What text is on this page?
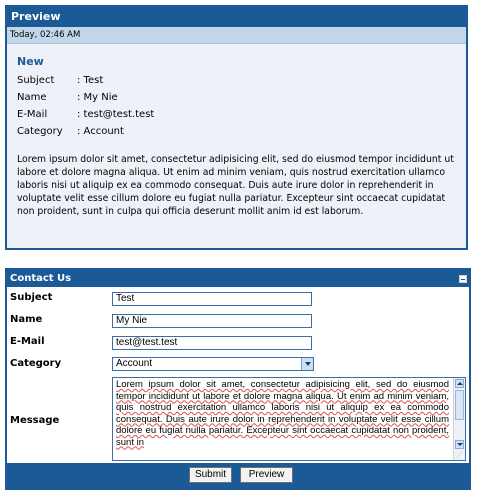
Preview
Today, 02:46 AM
New
Subject : Test
Name	: My Nie
E-Mail	: test@test.test
Category : Account
Lorem ipsum dolor sit amet, consectetur adipisicing elit, sed do eiusmod tempor incididunt ut labore et dolore magna aliqua. Ut enim ad minim veniam, quis nostrud exercitation ullamco laboris nisi ut aliquip ex ea commodo consequat. Duis aute irure dolor in reprehenderit in voluptate velit esse cillum dolore eu fugiat nulla pariatur. Excepteur sint occaecat cupidatat non proident, sunt in culpa qui officia deserunt mollit anim id est laborum.
Contact Us
Subject	Test
Name	My Nie
E-Mail	test@test.test
Category	Account
Message
Lorem ipsum dolor sit amet, consectetur adipisicing elit, sed do eiusmod tempor incididunt ut labore et dolore magna aliqua. Ut enim ad minim veniam, quis nostrud exercitation ullamco laboris nisi ut aliquip ex ea commodo consequat. Duis aute irure dolor in reprehenderit in voluptate velit esse cillum dolore eu fugiat nulla pariatur. Excepteur sint occaecat cupidatat non proident, sunt in
⋰
Submit	Preview
